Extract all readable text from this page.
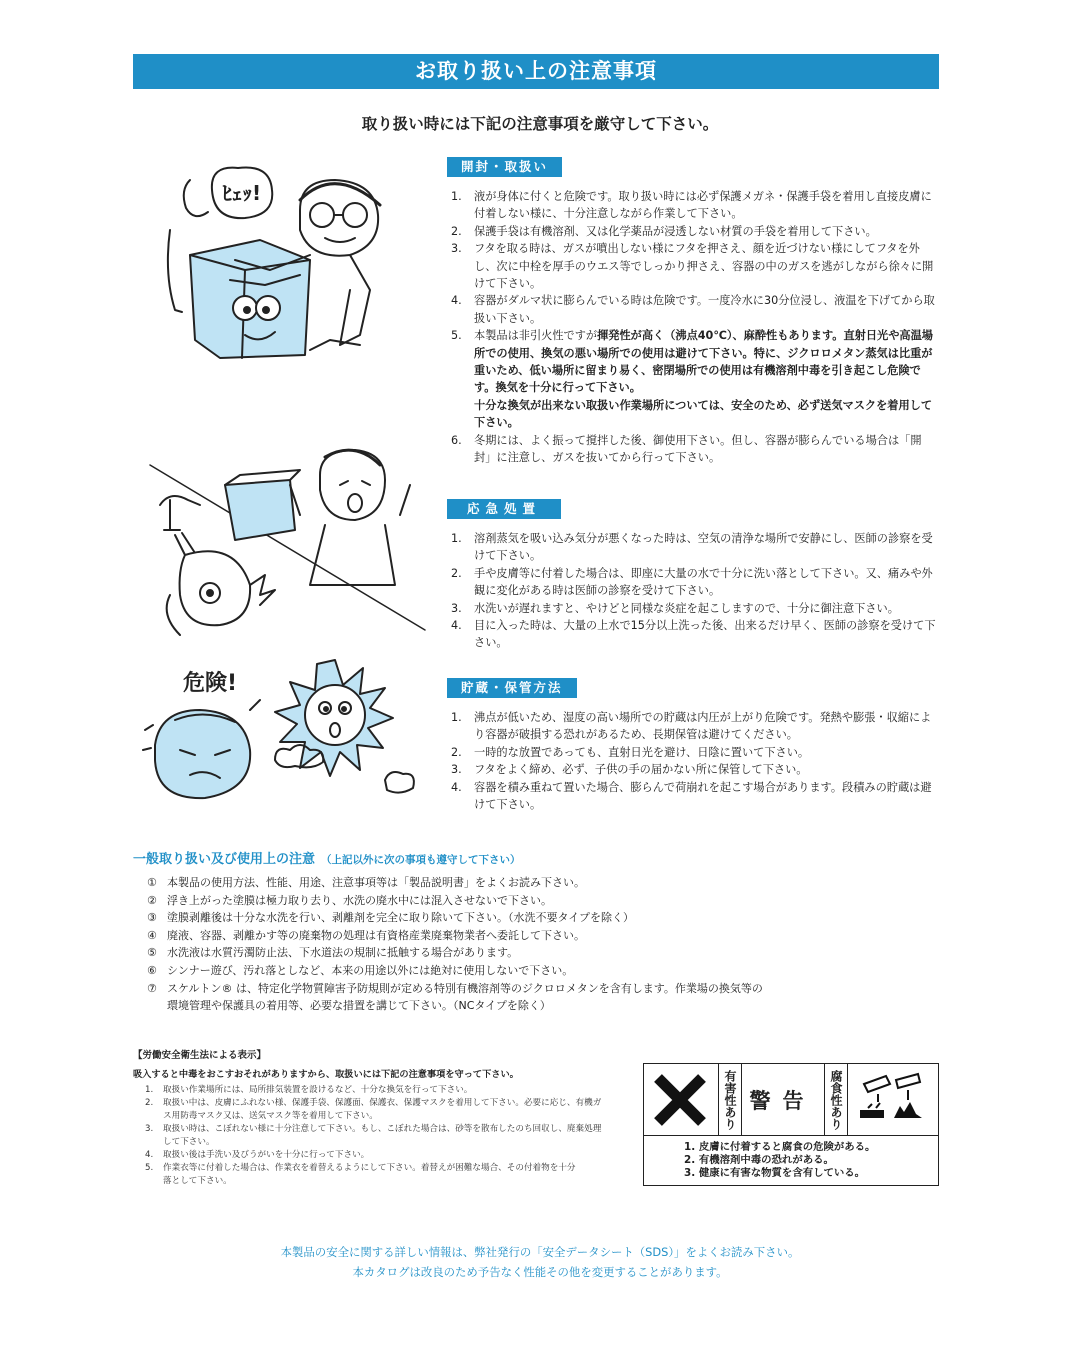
お取り扱い上の注意事項
取り扱い時には下記の注意事項を厳守して下さい。
ﾋｪｯ!
危険!
開封・取扱い
1. 液が身体に付くと危険です。取り扱い時には必ず保護メガネ・保護手袋を着用し直接皮膚に付着しない様に、十分注意しながら作業して下さい。
2. 保護手袋は有機溶剤、又は化学薬品が浸透しない材質の手袋を着用して下さい。
3. フタを取る時は、ガスが噴出しない様にフタを押さえ、顔を近づけない様にしてフタを外し、次に中栓を厚手のウエス等でしっかり押さえ、容器の中のガスを逃がしながら徐々に開けて下さい。
4. 容器がダルマ状に膨らんでいる時は危険です。一度冷水に30分位浸し、液温を下げてから取扱い下さい。
5. 本製品は非引火性ですが揮発性が高く（沸点40℃）、麻酔性もあります。直射日光や高温場所での使用、換気の悪い場所での使用は避けて下さい。特に、ジクロロメタン蒸気は比重が重いため、低い場所に留まり易く、密閉場所での使用は有機溶剤中毒を引き起こし危険です。換気を十分に行って下さい。
十分な換気が出来ない取扱い作業場所については、安全のため、必ず送気マスクを着用して下さい。
6. 冬期には、よく振って撹拌した後、御使用下さい。但し、容器が膨らんでいる場合は「開封」に注意し、ガスを抜いてから行って下さい。
応急処置
1. 溶剤蒸気を吸い込み気分が悪くなった時は、空気の清浄な場所で安静にし、医師の診察を受けて下さい。
2. 手や皮膚等に付着した場合は、即座に大量の水で十分に洗い落として下さい。又、痛みや外観に変化がある時は医師の診察を受けて下さい。
3. 水洗いが遅れますと、やけどと同様な炎症を起こしますので、十分に御注意下さい。
4. 目に入った時は、大量の上水で15分以上洗った後、出来るだけ早く、医師の診察を受けて下さい。
貯蔵・保管方法
1. 沸点が低いため、湿度の高い場所での貯蔵は内圧が上がり危険です。発熱や膨張・収縮により容器が破損する恐れがあるため、長期保管は避けてください。
2. 一時的な放置であっても、直射日光を避け、日陰に置いて下さい。
3. フタをよく締め、必ず、子供の手の届かない所に保管して下さい。
4. 容器を積み重ねて置いた場合、膨らんで荷崩れを起こす場合があります。段積みの貯蔵は避けて下さい。
一般取り扱い及び使用上の注意 （上記以外に次の事項も遵守して下さい）
① 本製品の使用方法、性能、用途、注意事項等は「製品説明書」をよくお読み下さい。
② 浮き上がった塗膜は極力取り去り、水洗の廃水中には混入させないで下さい。
③ 塗膜剥離後は十分な水洗を行い、剥離剤を完全に取り除いて下さい。（水洗不要タイプを除く）
④ 廃液、容器、剥離かす等の廃棄物の処理は有資格産業廃棄物業者へ委託して下さい。
⑤ 水洗液は水質汚濁防止法、下水道法の規制に抵触する場合があります。
⑥ シンナー遊び、汚れ落としなど、本来の用途以外には絶対に使用しないで下さい。
⑦ スケルトン® は、特定化学物質障害予防規則が定める特別有機溶剤等のジクロロメタンを含有します。作業場の換気等の環境管理や保護具の着用等、必要な措置を講じて下さい。（NCタイプを除く）
【労働安全衛生法による表示】
吸入すると中毒をおこすおそれがありますから、取扱いには下記の注意事項を守って下さい。
1. 取扱い作業場所には、局所排気装置を設けるなど、十分な換気を行って下さい。
2. 取扱い中は、皮膚にふれない様、保護手袋、保護面、保護衣、保護マスクを着用して下さい。必要に応じ、有機ガス用防毒マスク又は、送気マスク等を着用して下さい。
3. 取扱い時は、こぼれない様に十分注意して下さい。もし、こぼれた場合は、砂等を散布したのち回収し、廃棄処理して下さい。
4. 取扱い後は手洗い及びうがいを十分に行って下さい。
5. 作業衣等に付着した場合は、作業衣を着替えるようにして下さい。着替えが困難な場合、その付着物を十分落として下さい。
有害性あり 警告 腐食性あり
1. 皮膚に付着すると腐食の危険がある。
2. 有機溶剤中毒の恐れがある。
3. 健康に有害な物質を含有している。
本製品の安全に関する詳しい情報は、弊社発行の「安全データシート（SDS）」をよくお読み下さい。
本カタログは改良のため予告なく性能その他を変更することがあります。
